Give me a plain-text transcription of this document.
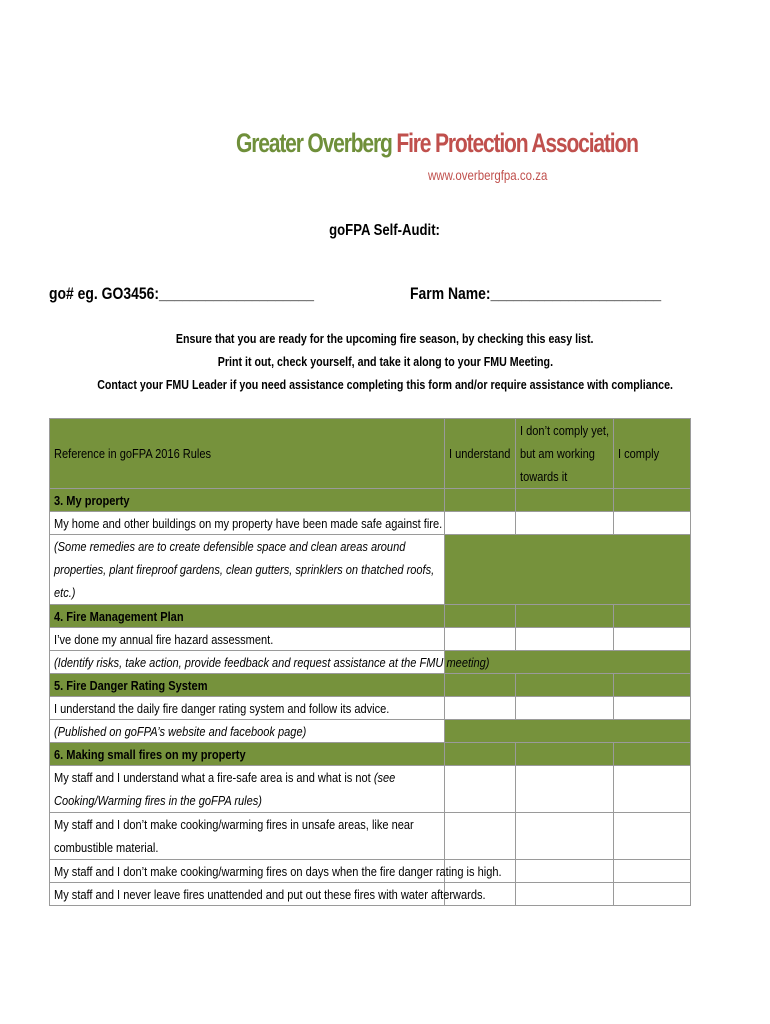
Greater Overberg Fire Protection Association
www.overbergfpa.co.za
goFPA Self-Audit:
go# eg. GO3456:____________________	Farm Name:______________________
Ensure that you are ready for the upcoming fire season, by checking this easy list.
Print it out, check yourself, and take it along to your FMU Meeting.
Contact your FMU Leader if you need assistance completing this form and/or require assistance with compliance.
Reference in goFPA 2016 Rules	I understand	I don’t comply yet, but am working towards it	I comply
3. My property			
My home and other buildings on my property have been made safe against fire.			

(Some remedies are to create defensible space and clean areas around properties, plant fireproof gardens, clean gutters, sprinklers on thatched roofs, etc.)			

4. Fire Management Plan			
I’ve done my annual fire hazard assessment.			
(Identify risks, take action, provide feedback and request assistance at the FMU meeting)			
5. Fire Danger Rating System			
I understand the daily fire danger rating system and follow its advice.			
(Published on goFPA’s website and facebook page)			
6. Making small fires on my property			

My staff and I understand what a fire-safe area is and what is not (see Cooking/Warming fires in the goFPA rules)			

My staff and I don’t make cooking/warming fires in unsafe areas, like near combustible material.			

My staff and I don’t make cooking/warming fires on days when the fire danger rating is high.			
My staff and I never leave fires unattended and put out these fires with water afterwards.			
